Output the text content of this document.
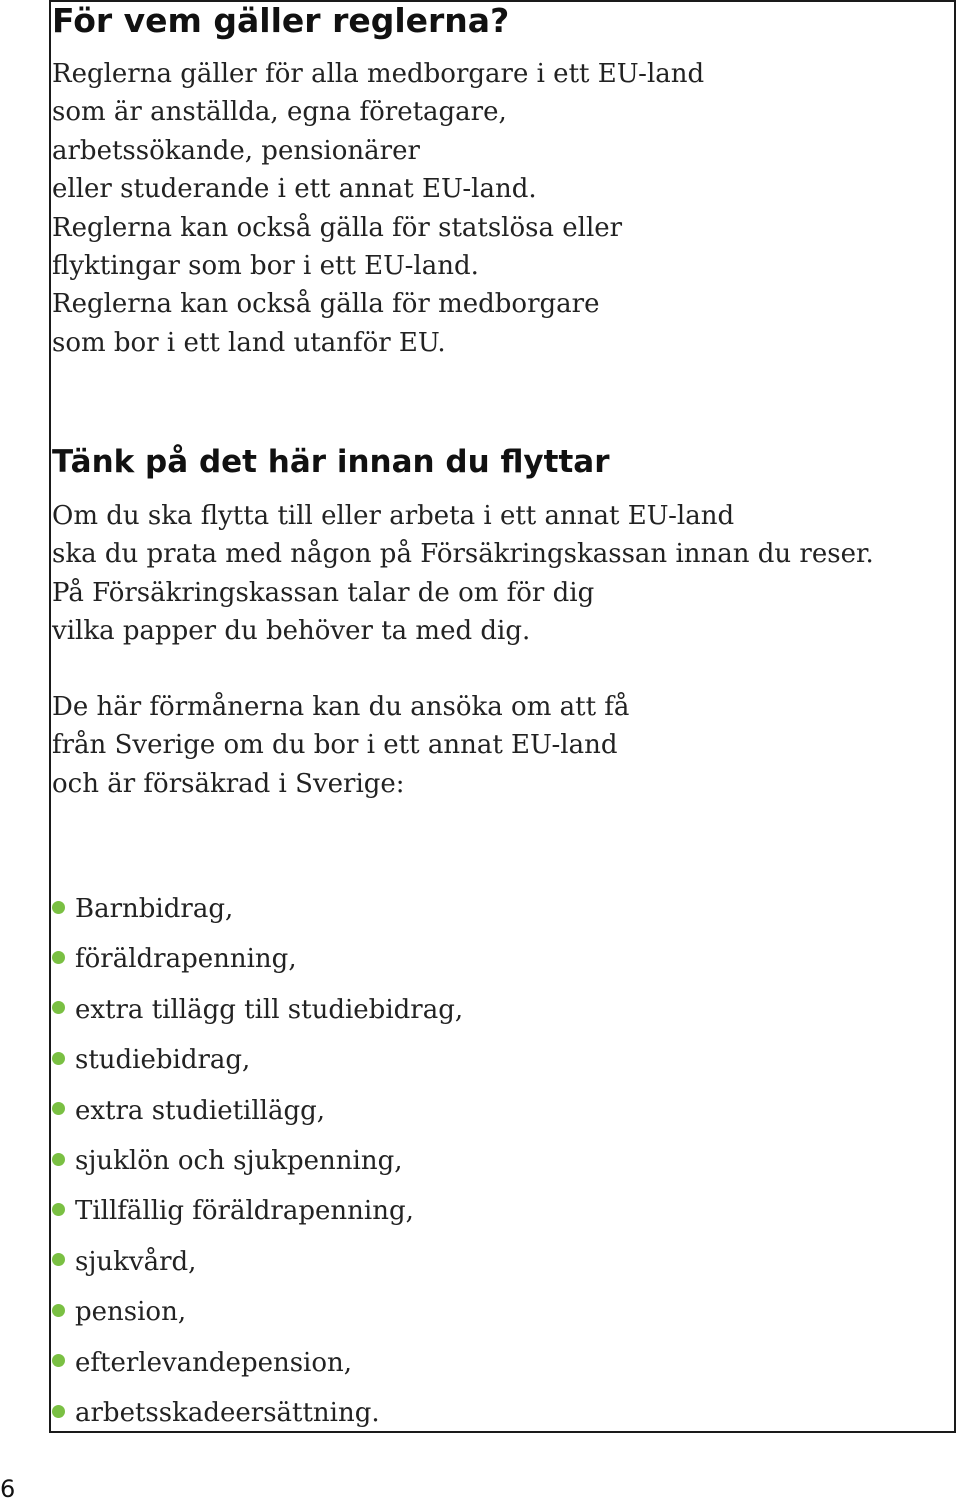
För vem gäller reglerna?

Reglerna gäller för alla medborgare i ett EU-land
som är anställda, egna företagare,
arbetssökande, pensionärer
eller studerande i ett annat EU-land.
Reglerna kan också gälla för statslösa eller
flyktingar som bor i ett EU-land.
Reglerna kan också gälla för medborgare
som bor i ett land utanför EU.

Tänk på det här innan du flyttar

Om du ska flytta till eller arbeta i ett annat EU-land
ska du prata med någon på Försäkringskassan innan du reser.
På Försäkringskassan talar de om för dig
vilka papper du behöver ta med dig.

De här förmånerna kan du ansöka om att få
från Sverige om du bor i ett annat EU-land
och är försäkrad i Sverige:

Barnbidrag,
föräldrapenning,
extra tillägg till studiebidrag,
studiebidrag,
extra studietillägg,
sjuklön och sjukpenning,
Tillfällig föräldrapenning,
sjukvård,
pension,
efterlevandepension,
arbetsskadeersättning.
6
